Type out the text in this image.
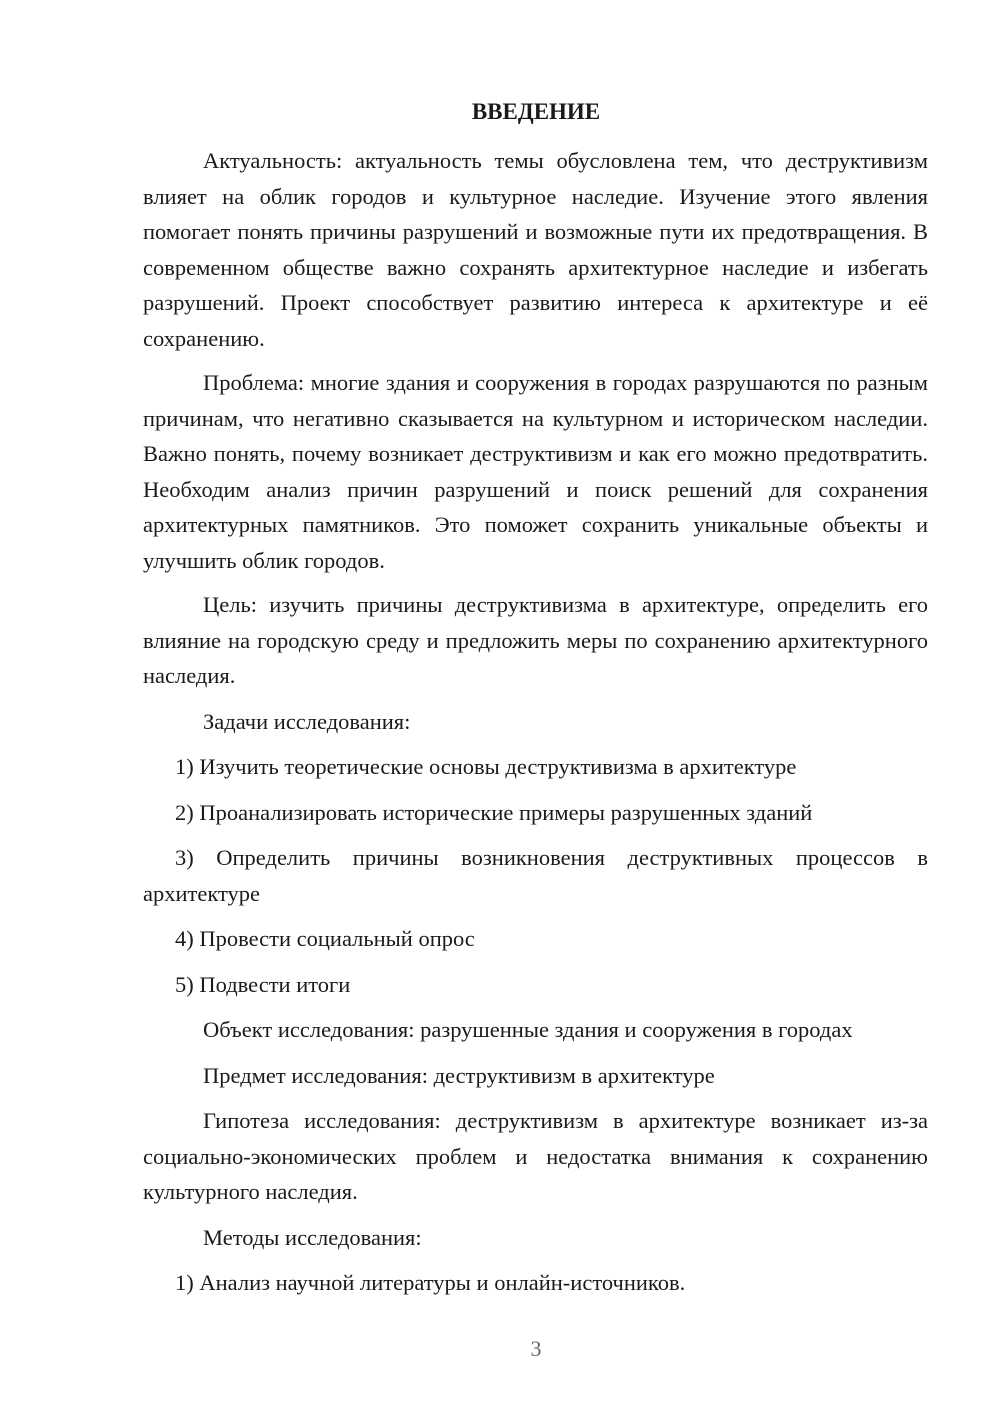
ВВЕДЕНИЕ

Актуальность: актуальность темы обусловлена тем, что деструктивизм влияет на облик городов и культурное наследие. Изучение этого явления помогает понять причины разрушений и возможные пути их предотвращения. В современном обществе важно сохранять архитектурное наследие и избегать разрушений. Проект способствует развитию интереса к архитектуре и её сохранению.

Проблема: многие здания и сооружения в городах разрушаются по разным причинам, что негативно сказывается на культурном и историческом наследии. Важно понять, почему возникает деструктивизм и как его можно предотвратить. Необходим анализ причин разрушений и поиск решений для сохранения архитектурных памятников. Это поможет сохранить уникальные объекты и улучшить облик городов.

Цель: изучить причины деструктивизма в архитектуре, определить его влияние на городскую среду и предложить меры по сохранению архитектурного наследия.

Задачи исследования:

1) Изучить теоретические основы деструктивизма в архитектуре

2) Проанализировать исторические примеры разрушенных зданий

3) Определить причины возникновения деструктивных процессов в архитектуре

4) Провести социальный опрос

5) Подвести итоги

Объект исследования: разрушенные здания и сооружения в городах

Предмет исследования: деструктивизм в архитектуре

Гипотеза исследования: деструктивизм в архитектуре возникает из-за социально-экономических проблем и недостатка внимания к сохранению культурного наследия.

Методы исследования:

1) Анализ научной литературы и онлайн-источников.

3
